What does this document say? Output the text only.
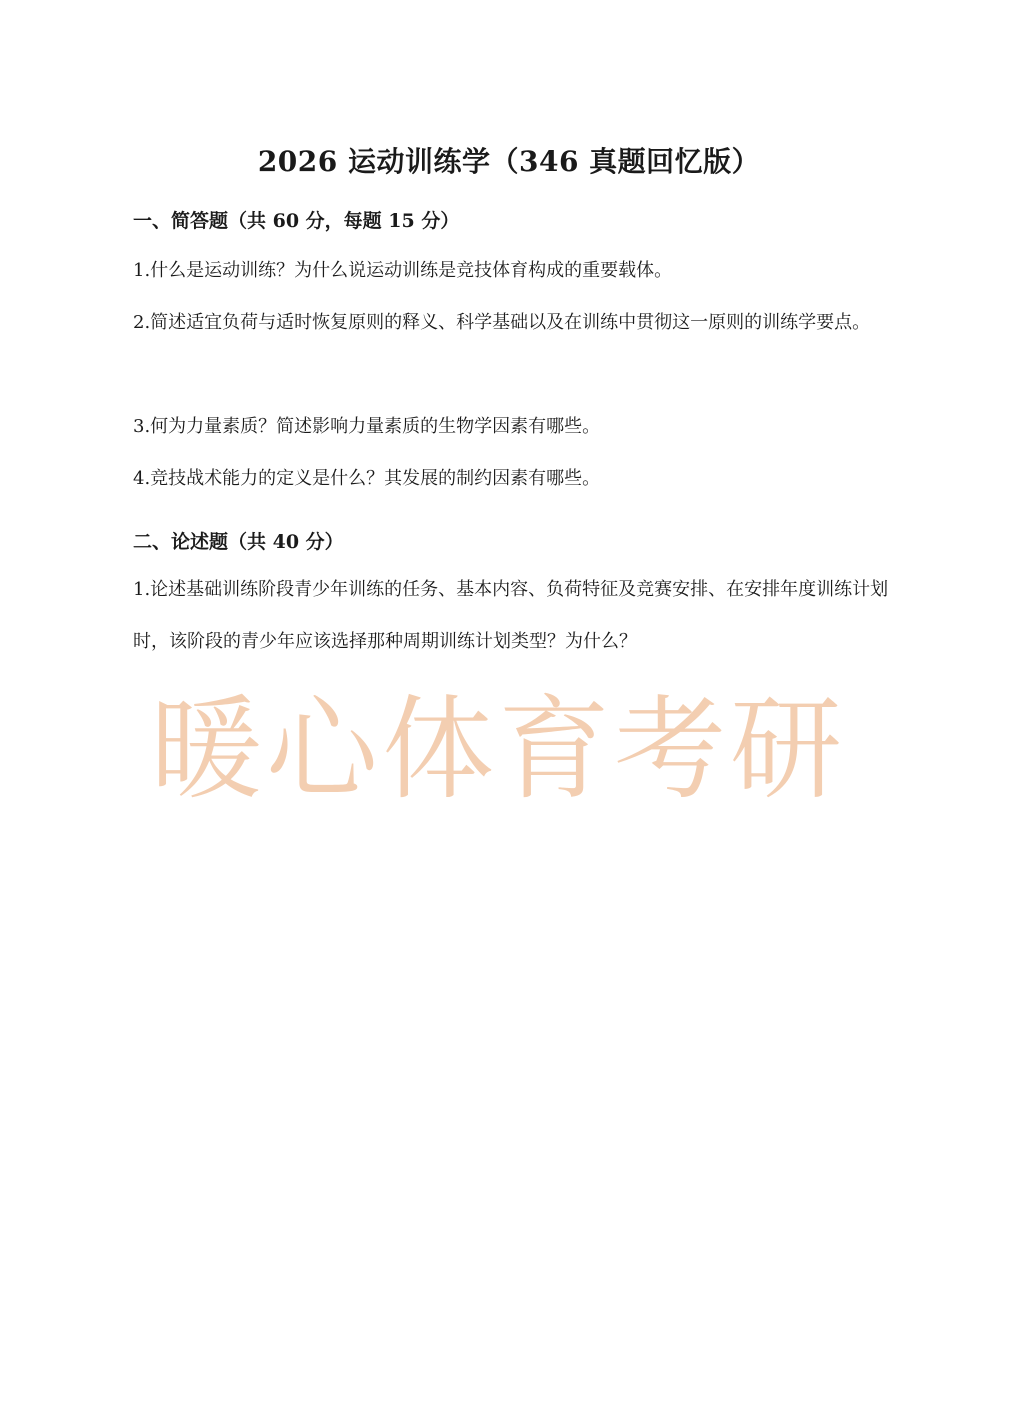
2026 运动训练学（346 真题回忆版）
一、简答题（共 60 分，每题 15 分）
1.什么是运动训练？为什么说运动训练是竞技体育构成的重要载体。
2.简述适宜负荷与适时恢复原则的释义、科学基础以及在训练中贯彻这一原则的训练学要点。
3.何为力量素质？简述影响力量素质的生物学因素有哪些。
4.竞技战术能力的定义是什么？其发展的制约因素有哪些。
二、论述题（共 40 分）
1.论述基础训练阶段青少年训练的任务、基本内容、负荷特征及竞赛安排、在安排年度训练计划时，该阶段的青少年应该选择那种周期训练计划类型？为什么？
暖心体育考研
